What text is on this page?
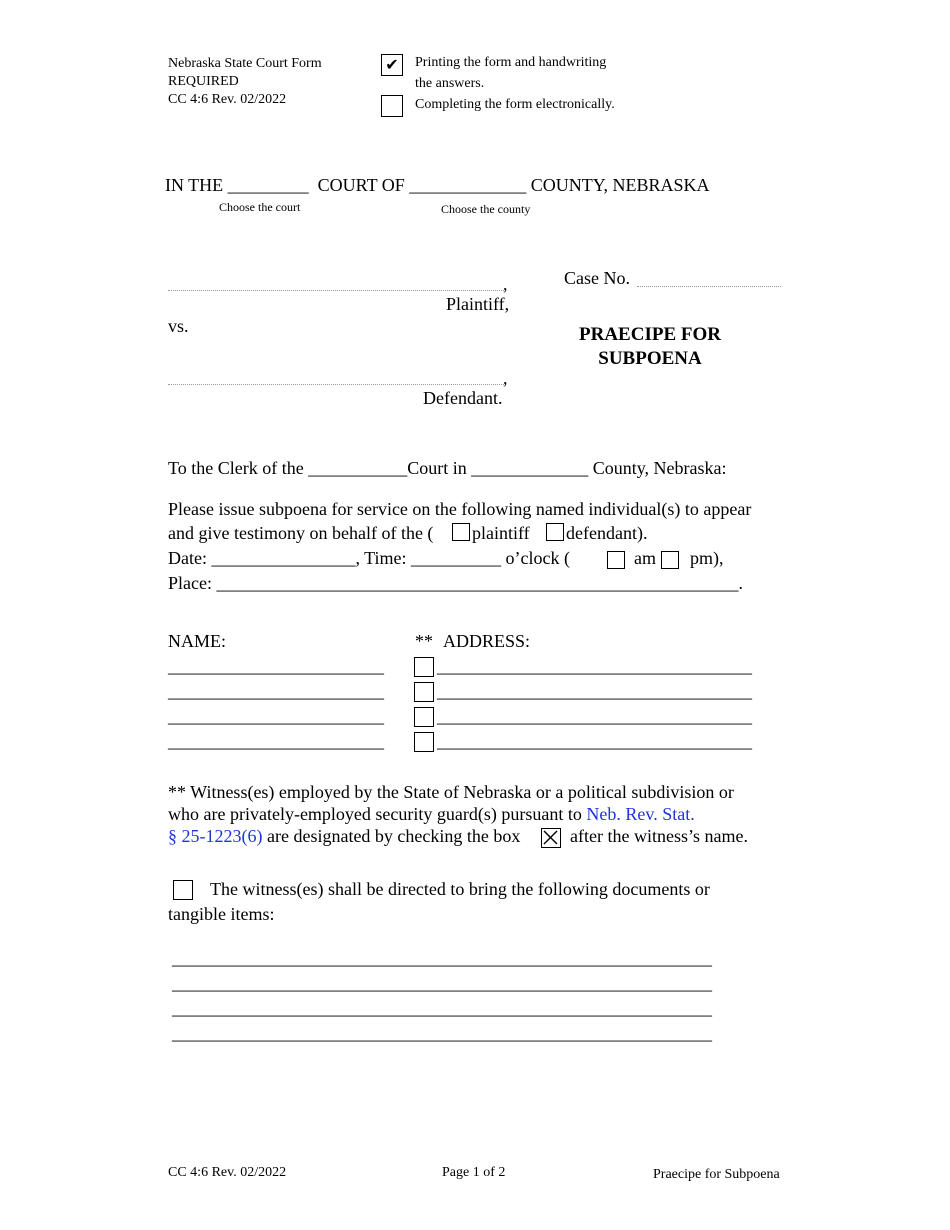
Nebraska State Court Form
REQUIRED
CC 4:6 Rev. 02/2022
✔	Printing the form and handwriting
the answers.
Completing the form electronically.
IN THE _________ COURT OF _____________ COUNTY, NEBRASKA
Choose the court	Choose the county
,
Plaintiff,
vs.
,
Defendant.
Case No.
PRAECIPE FOR
SUBPOENA
To the Clerk of the ___________Court in _____________ County, Nebraska:
Please issue subpoena for service on the following named individual(s) to appear
and give testimony on behalf of the ( plaintiff defendant).
Date: ________________, Time: __________ o’clock (	am pm),
Place: __________________________________________________________.
NAME:	** ADDRESS:
________________________	___________________________________
________________________	___________________________________
________________________	___________________________________
________________________	___________________________________
** Witness(es) employed by the State of Nebraska or a political subdivision or
who are privately-employed security guard(s) pursuant to Neb. Rev. Stat.
§ 25-1223(6) are designated by checking the box	after the witness’s name.
The witness(es) shall be directed to bring the following documents or
tangible items:
____________________________________________________________
____________________________________________________________
____________________________________________________________
____________________________________________________________
CC 4:6 Rev. 02/2022	Page 1 of 2	Praecipe for Subpoena
